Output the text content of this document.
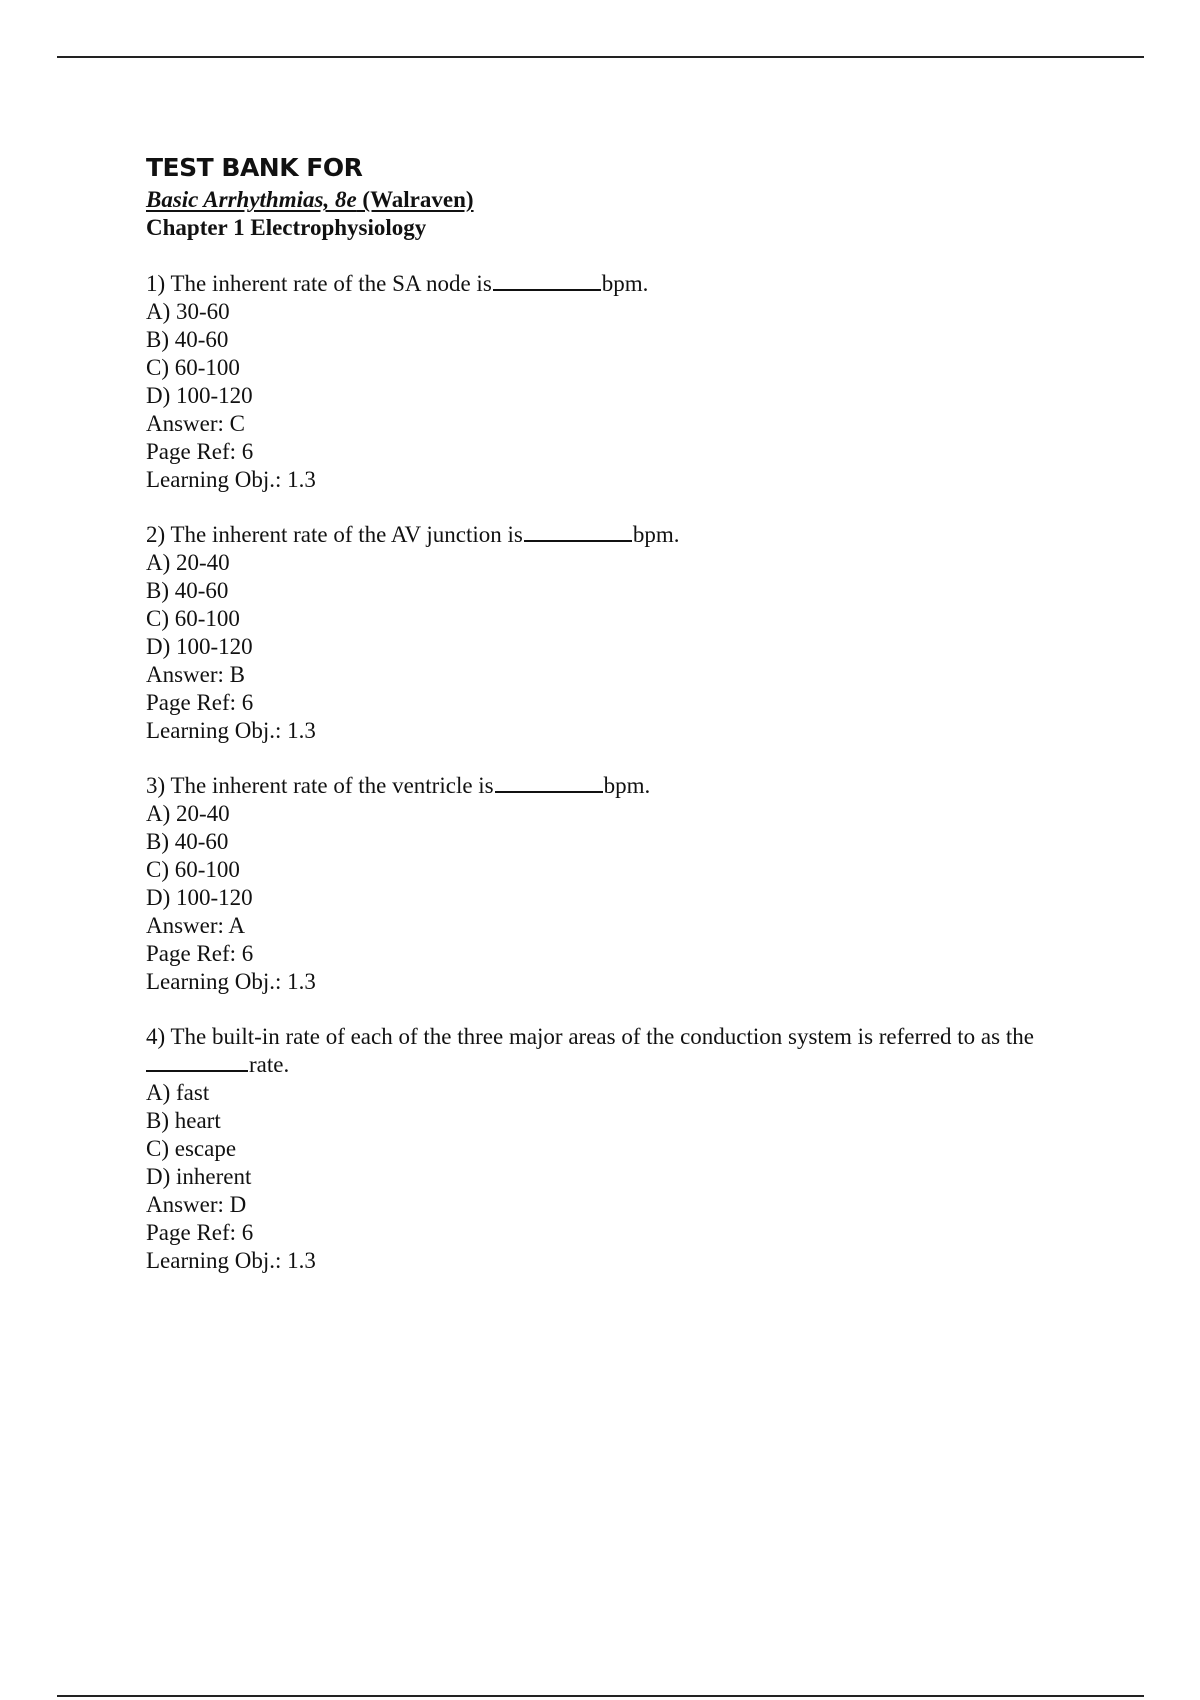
TEST BANK FOR
Basic Arrhythmias, 8e (Walraven)
Chapter 1 Electrophysiology

1) The inherent rate of the SA node is	bpm.

A) 30-60

B) 40-60

C) 60-100

D) 100-120

Answer: C

Page Ref: 6

Learning Obj.: 1.3

2) The inherent rate of the AV junction is	bpm.

A) 20-40

B) 40-60

C) 60-100

D) 100-120

Answer: B

Page Ref: 6

Learning Obj.: 1.3

3) The inherent rate of the ventricle is	bpm.

A) 20-40

B) 40-60

C) 60-100

D) 100-120

Answer: A

Page Ref: 6

Learning Obj.: 1.3

4) The built-in rate of each of the three major areas of the conduction system is referred to as the

rate.

A) fast

B) heart

C) escape

D) inherent

Answer: D

Page Ref: 6

Learning Obj.: 1.3
